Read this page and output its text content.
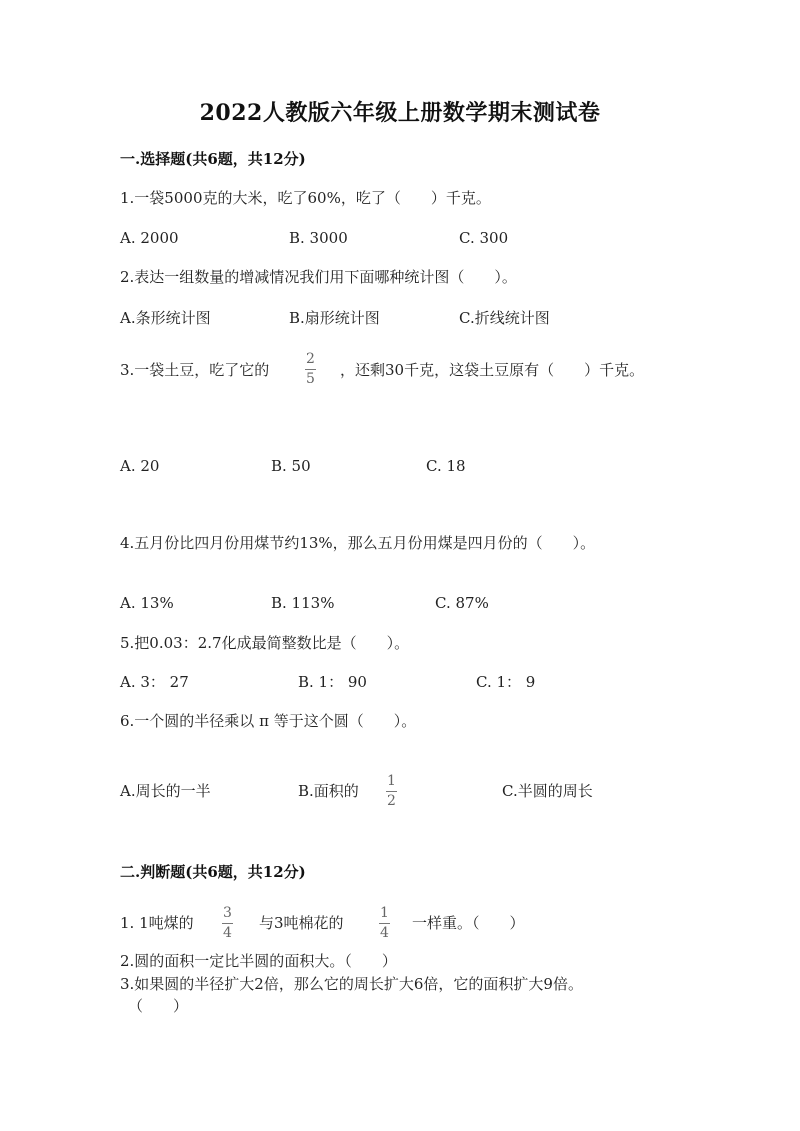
2022人教版六年级上册数学期末测试卷
一.选择题(共6题，共12分)
1.一袋5000克的大米，吃了60%，吃了（　　）千克。
A. 2000	B. 3000	C. 300
2.表达一组数量的增减情况我们用下面哪种统计图（　　）。
A.条形统计图	B.扇形统计图	C.折线统计图
3.一袋土豆，吃了它的
2
5 ，还剩30千克，这袋土豆原有（　　）千克。
A. 20	B. 50	C. 18
4.五月份比四月份用煤节约13%，那么五月份用煤是四月份的（　　）。
A. 13%	B. 113%	C. 87%
5.把0.03：2.7化成最简整数比是（　　）。
A. 3： 27	B. 1： 90	C. 1： 9
6.一个圆的半径乘以 π 等于这个圆（　　）。
A.周长的一半	B.面积的
1
2
C.半圆的周长
二.判断题(共6题，共12分)
1. 1吨煤的
3
4
与3吨棉花的
1
4
一样重。（　　）
2.圆的面积一定比半圆的面积大。（　　）
3.如果圆的半径扩大2倍，那么它的周长扩大6倍，它的面积扩大9倍。
（　　）
